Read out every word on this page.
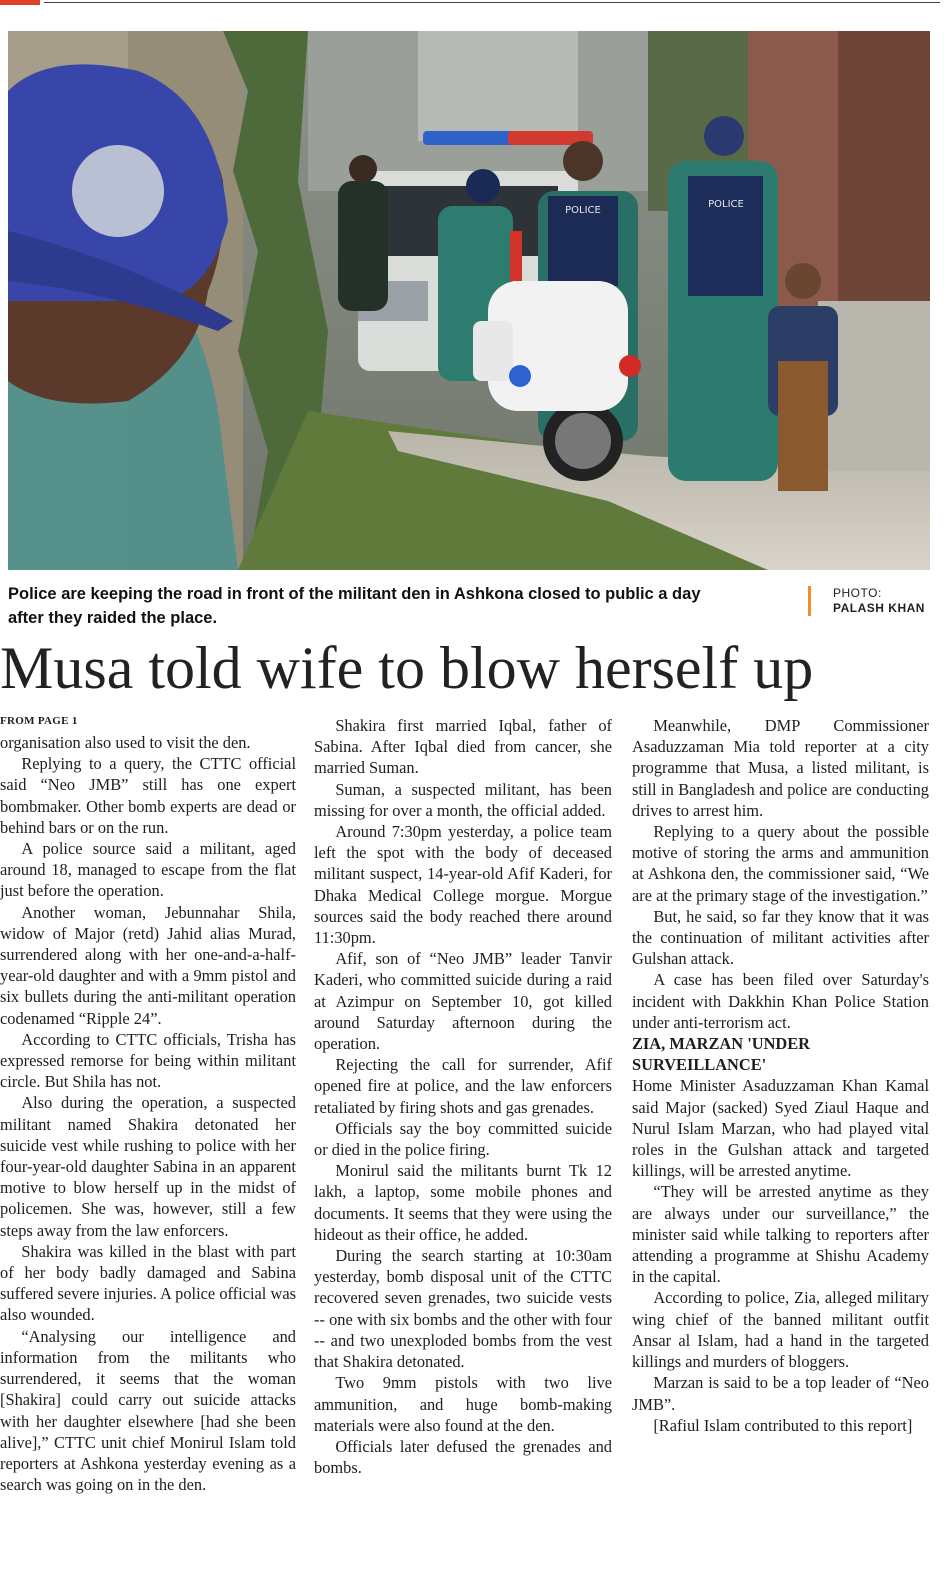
POLICE
POLICE
Police are keeping the road in front of the militant den in Ashkona closed to public a day after they raided the place.
PHOTO:
PALASH KHAN
Musa told wife to blow herself up
FROM PAGE 1

organisation also used to visit the den.

Replying to a query, the CTTC official said “Neo JMB” still has one expert bombmaker. Other bomb experts are dead or behind bars or on the run.

A police source said a militant, aged around 18, managed to escape from the flat just before the operation.

Another woman, Jebunnahar Shila, widow of Major (retd) Jahid alias Murad, surrendered along with her one-and-a-half-year-old daughter and with a 9mm pistol and six bullets during the anti-militant operation codenamed “Ripple 24”.

According to CTTC officials, Trisha has expressed remorse for being within militant circle. But Shila has not.

Also during the operation, a suspected militant named Shakira detonated her suicide vest while rushing to police with her four-year-old daughter Sabina in an apparent motive to blow herself up in the midst of policemen. She was, however, still a few steps away from the law enforcers.

Shakira was killed in the blast with part of her body badly damaged and Sabina suffered severe injuries. A police official was also wounded.

“Analysing our intelligence and information from the militants who surrendered, it seems that the woman [Shakira] could carry out suicide attacks with her daughter elsewhere [had she been alive],” CTTC unit chief Monirul Islam told reporters at Ashkona yesterday evening as a search was going on in the den.

Shakira first married Iqbal, father of Sabina. After Iqbal died from cancer, she married Suman.

Suman, a suspected militant, has been missing for over a month, the official added.

Around 7:30pm yesterday, a police team left the spot with the body of deceased militant suspect, 14-year-old Afif Kaderi, for Dhaka Medical College morgue. Morgue sources said the body reached there around 11:30pm.

Afif, son of “Neo JMB” leader Tanvir Kaderi, who committed suicide during a raid at Azimpur on September 10, got killed around Saturday afternoon during the operation.

Rejecting the call for surrender, Afif opened fire at police, and the law enforcers retaliated by firing shots and gas grenades.

Officials say the boy committed suicide or died in the police firing.

Monirul said the militants burnt Tk 12 lakh, a laptop, some mobile phones and documents. It seems that they were using the hideout as their office, he added.

During the search starting at 10:30am yesterday, bomb disposal unit of the CTTC recovered seven grenades, two suicide vests -- one with six bombs and the other with four -- and two unexploded bombs from the vest that Shakira detonated.

Two 9mm pistols with two live ammunition, and huge bomb-making materials were also found at the den.

Officials later defused the grenades and bombs.

Meanwhile, DMP Commissioner Asaduzzaman Mia told reporter at a city programme that Musa, a listed militant, is still in Bangladesh and police are conducting drives to arrest him.

Replying to a query about the possible motive of storing the arms and ammunition at Ashkona den, the commissioner said, “We are at the primary stage of the investigation.”

But, he said, so far they know that it was the continuation of militant activities after Gulshan attack.

A case has been filed over Saturday's incident with Dakkhin Khan Police Station under anti-terrorism act.

ZIA, MARZAN 'UNDER SURVEILLANCE'

Home Minister Asaduzzaman Khan Kamal said Major (sacked) Syed Ziaul Haque and Nurul Islam Marzan, who had played vital roles in the Gulshan attack and targeted killings, will be arrested anytime.

“They will be arrested anytime as they are always under our surveillance,” the minister said while talking to reporters after attending a programme at Shishu Academy in the capital.

According to police, Zia, alleged military wing chief of the banned militant outfit Ansar al Islam, had a hand in the targeted killings and murders of bloggers.

Marzan is said to be a top leader of “Neo JMB”.

[Rafiul Islam contributed to this report]
